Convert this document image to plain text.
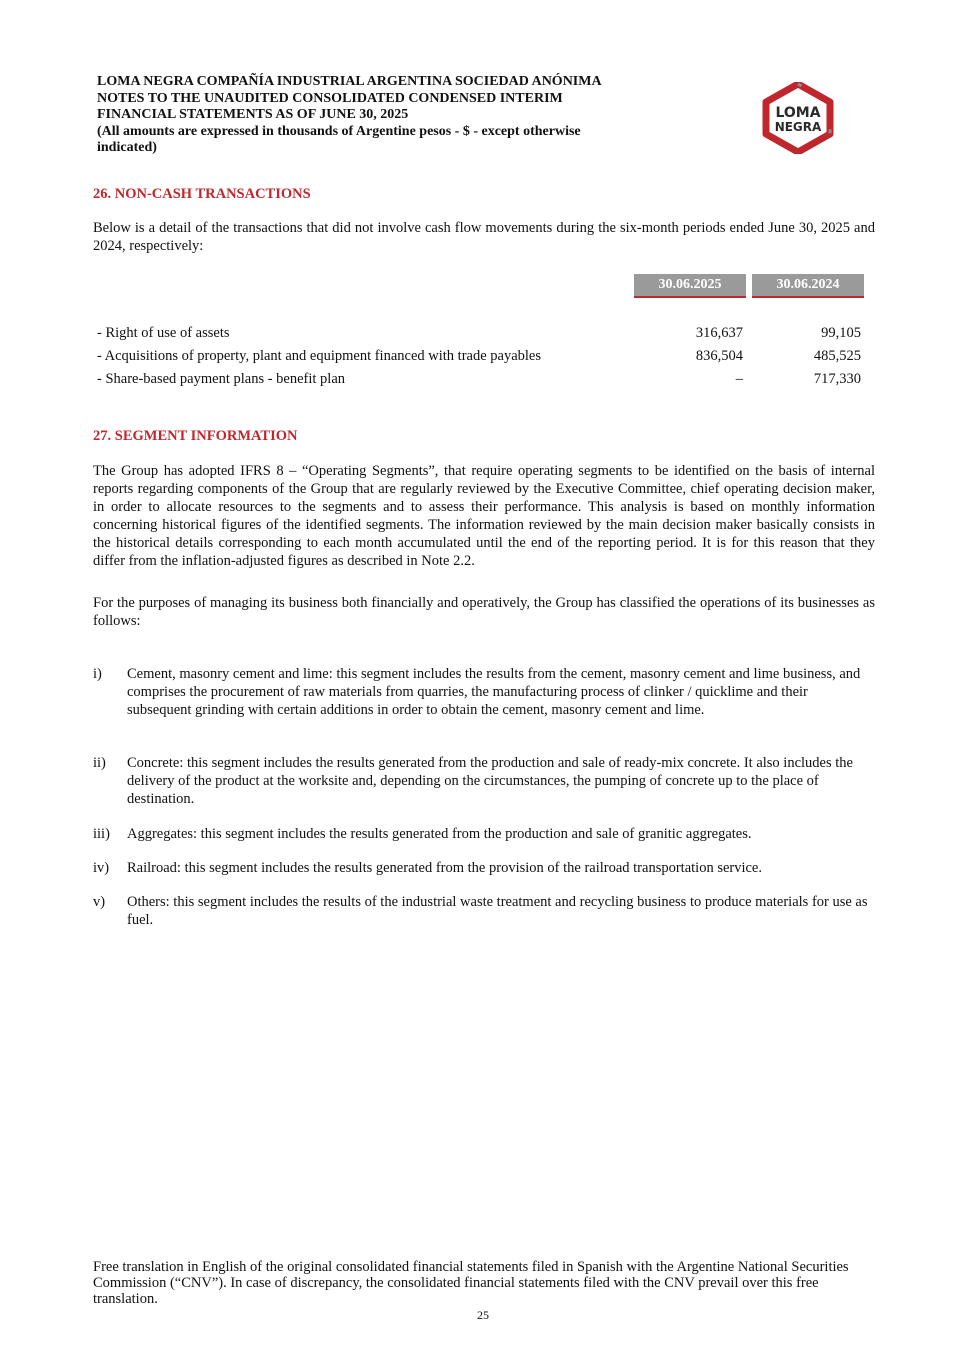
LOMA NEGRA COMPAÑÍA INDUSTRIAL ARGENTINA SOCIEDAD ANÓNIMA
NOTES TO THE UNAUDITED CONSOLIDATED CONDENSED INTERIM
FINANCIAL STATEMENTS AS OF JUNE 30, 2025
(All amounts are expressed in thousands of Argentine pesos - $ - except otherwise
indicated)
LOMA
NEGRA
26. NON-CASH TRANSACTIONS
Below is a detail of the transactions that did not involve cash flow movements during the six-month periods ended June 30, 2025 and 2024, respectively:
30.06.2025	30.06.2024
- Right of use of assets	316,637	99,105
- Acquisitions of property, plant and equipment financed with trade payables	836,504	485,525
- Share-based payment plans - benefit plan	–	717,330
27. SEGMENT INFORMATION
The Group has adopted IFRS 8 – “Operating Segments”, that require operating segments to be identified on the basis of internal reports regarding components of the Group that are regularly reviewed by the Executive Committee, chief operating decision maker, in order to allocate resources to the segments and to assess their performance. This analysis is based on monthly information concerning historical figures of the identified segments. The information reviewed by the main decision maker basically consists in the historical details corresponding to each month accumulated until the end of the reporting period. It is for this reason that they differ from the inflation-adjusted figures as described in Note 2.2.
For the purposes of managing its business both financially and operatively, the Group has classified the operations of its businesses as follows:
i) Cement, masonry cement and lime: this segment includes the results from the cement, masonry cement and lime business, and comprises the procurement of raw materials from quarries, the manufacturing process of clinker / quicklime and their subsequent grinding with certain additions in order to obtain the cement, masonry cement and lime.
ii) Concrete: this segment includes the results generated from the production and sale of ready-mix concrete. It also includes the delivery of the product at the worksite and, depending on the circumstances, the pumping of concrete up to the place of destination.
iii) Aggregates: this segment includes the results generated from the production and sale of granitic aggregates.
iv) Railroad: this segment includes the results generated from the provision of the railroad transportation service.
v) Others: this segment includes the results of the industrial waste treatment and recycling business to produce materials for use as fuel.
Free translation in English of the original consolidated financial statements filed in Spanish with the Argentine National Securities Commission (“CNV”). In case of discrepancy, the consolidated financial statements filed with the CNV prevail over this free translation.
25
